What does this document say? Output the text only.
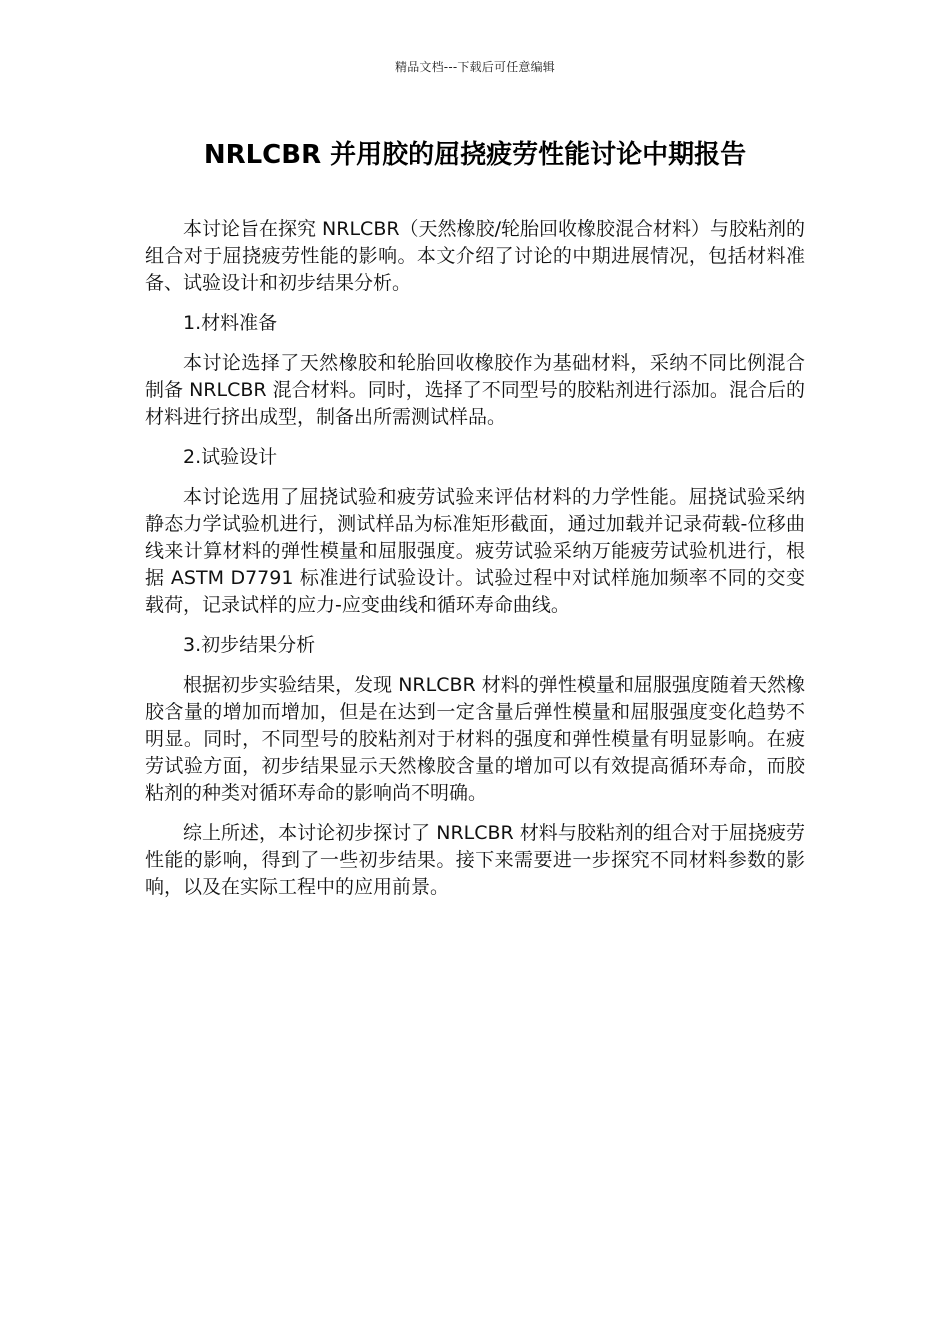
精品文档---下载后可任意编辑
NRLCBR 并用胶的屈挠疲劳性能讨论中期报告

本讨论旨在探究 NRLCBR（天然橡胶/轮胎回收橡胶混合材料）与胶粘剂的组合对于屈挠疲劳性能的影响。本文介绍了讨论的中期进展情况，包括材料准备、试验设计和初步结果分析。

1.材料准备

本讨论选择了天然橡胶和轮胎回收橡胶作为基础材料，采纳不同比例混合制备 NRLCBR 混合材料。同时，选择了不同型号的胶粘剂进行添加。混合后的材料进行挤出成型，制备出所需测试样品。

2.试验设计

本讨论选用了屈挠试验和疲劳试验来评估材料的力学性能。屈挠试验采纳静态力学试验机进行，测试样品为标准矩形截面，通过加载并记录荷载-位移曲线来计算材料的弹性模量和屈服强度。疲劳试验采纳万能疲劳试验机进行，根据 ASTM D7791 标准进行试验设计。试验过程中对试样施加频率不同的交变载荷，记录试样的应力-应变曲线和循环寿命曲线。

3.初步结果分析

根据初步实验结果，发现 NRLCBR 材料的弹性模量和屈服强度随着天然橡胶含量的增加而增加，但是在达到一定含量后弹性模量和屈服强度变化趋势不明显。同时，不同型号的胶粘剂对于材料的强度和弹性模量有明显影响。在疲劳试验方面，初步结果显示天然橡胶含量的增加可以有效提高循环寿命，而胶粘剂的种类对循环寿命的影响尚不明确。

综上所述，本讨论初步探讨了 NRLCBR 材料与胶粘剂的组合对于屈挠疲劳性能的影响，得到了一些初步结果。接下来需要进一步探究不同材料参数的影响，以及在实际工程中的应用前景。
